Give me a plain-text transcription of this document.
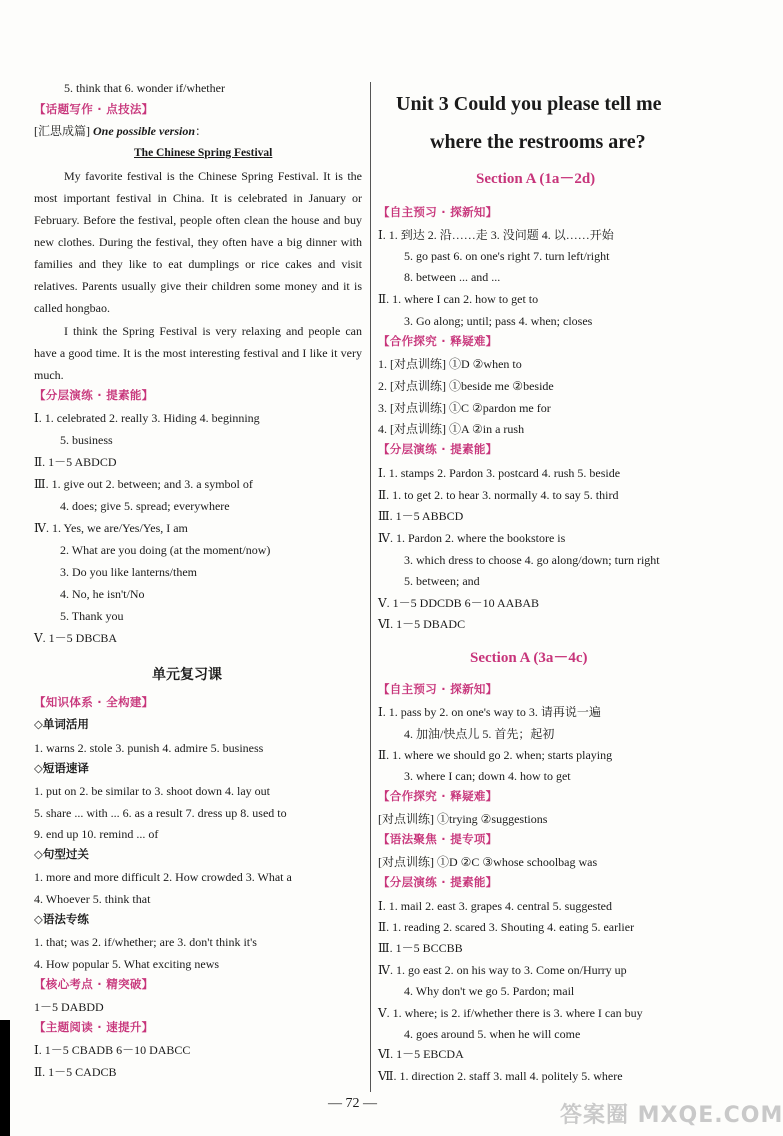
5. think that 6. wonder if/whether
【话题写作 · 点技法】
[汇思成篇] One possible version：
The Chinese Spring Festival
My favorite festival is the Chinese Spring Festival. It is the most important festival in China. It is celebrated in January or February. Before the festival, people often clean the house and buy new clothes. During the festival, they often have a big dinner with families and they like to eat dumplings or rice cakes and visit relatives. Parents usually give their children some money and it is called hongbao.
I think the Spring Festival is very relaxing and people can have a good time. It is the most interesting festival and I like it very much.
【分层演练 · 提素能】
Ⅰ. 1. celebrated 2. really 3. Hiding 4. beginning
5. business
Ⅱ. 1－5 ABDCD
Ⅲ. 1. give out 2. between; and 3. a symbol of
4. does; give 5. spread; everywhere
Ⅳ. 1. Yes, we are/Yes/Yes, I am
2. What are you doing (at the moment/now)
3. Do you like lanterns/them
4. No, he isn't/No
5. Thank you
Ⅴ. 1－5 DBCBA
单元复习课
【知识体系 · 全构建】
◇单词活用
1. warns 2. stole 3. punish 4. admire 5. business
◇短语速译
1. put on 2. be similar to 3. shoot down 4. lay out
5. share ... with ... 6. as a result 7. dress up 8. used to
9. end up 10. remind ... of
◇句型过关
1. more and more difficult 2. How crowded 3. What a
4. Whoever 5. think that
◇语法专练
1. that; was 2. if/whether; are 3. don't think it's
4. How popular 5. What exciting news
【核心考点 · 精突破】
1－5 DABDD
【主题阅读 · 速提升】
Ⅰ. 1－5 CBADB 6－10 DABCC
Ⅱ. 1－5 CADCB
Unit 3 Could you please tell me
where the restrooms are?
Section A (1a－2d)
【自主预习 · 探新知】
Ⅰ. 1. 到达 2. 沿……走 3. 没问题 4. 以……开始
5. go past 6. on one's right 7. turn left/right
8. between ... and ...
Ⅱ. 1. where I can 2. how to get to
3. Go along; until; pass 4. when; closes
【合作探究 · 释疑难】
1. [对点训练] ①D ②when to
2. [对点训练] ①beside me ②beside
3. [对点训练] ①C ②pardon me for
4. [对点训练] ①A ②in a rush
【分层演练 · 提素能】
Ⅰ. 1. stamps 2. Pardon 3. postcard 4. rush 5. beside
Ⅱ. 1. to get 2. to hear 3. normally 4. to say 5. third
Ⅲ. 1－5 ABBCD
Ⅳ. 1. Pardon 2. where the bookstore is
3. which dress to choose 4. go along/down; turn right
5. between; and
Ⅴ. 1－5 DDCDB 6－10 AABAB
Ⅵ. 1－5 DBADC
Section A (3a－4c)
【自主预习 · 探新知】
Ⅰ. 1. pass by 2. on one's way to 3. 请再说一遍
4. 加油/快点儿 5. 首先；起初
Ⅱ. 1. where we should go 2. when; starts playing
3. where I can; down 4. how to get
【合作探究 · 释疑难】
[对点训练] ①trying ②suggestions
【语法聚焦 · 提专项】
[对点训练] ①D ②C ③whose schoolbag was
【分层演练 · 提素能】
Ⅰ. 1. mail 2. east 3. grapes 4. central 5. suggested
Ⅱ. 1. reading 2. scared 3. Shouting 4. eating 5. earlier
Ⅲ. 1－5 BCCBB
Ⅳ. 1. go east 2. on his way to 3. Come on/Hurry up
4. Why don't we go 5. Pardon; mail
Ⅴ. 1. where; is 2. if/whether there is 3. where I can buy
4. goes around 5. when he will come
Ⅵ. 1－5 EBCDA
Ⅶ. 1. direction 2. staff 3. mall 4. politely 5. where
— 72 —	答案圈 MXQE.COM
